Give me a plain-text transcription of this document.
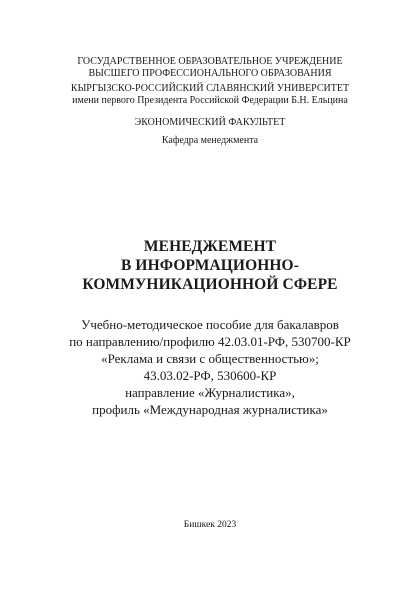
ГОСУДАРСТВЕННОЕ ОБРАЗОВАТЕЛЬНОЕ УЧРЕЖДЕНИЕ
ВЫСШЕГО ПРОФЕССИОНАЛЬНОГО ОБРАЗОВАНИЯ
КЫРГЫЗСКО-РОССИЙСКИЙ СЛАВЯНСКИЙ УНИВЕРСИТЕТ
имени первого Президента Российской Федерации Б.Н. Ельцина
ЭКОНОМИЧЕСКИЙ ФАКУЛЬТЕТ
Кафедра менеджмента
МЕНЕДЖЕМЕНТ
В ИНФОРМАЦИОННО-
КОММУНИКАЦИОННОЙ СФЕРЕ
Учебно-методическое пособие для бакалавров
по направлению/профилю 42.03.01-РФ, 530700-КР
«Реклама и связи с общественностью»;
43.03.02-РФ, 530600-КР
направление «Журналистика»,
профиль «Международная журналистика»
Бишкек 2023
